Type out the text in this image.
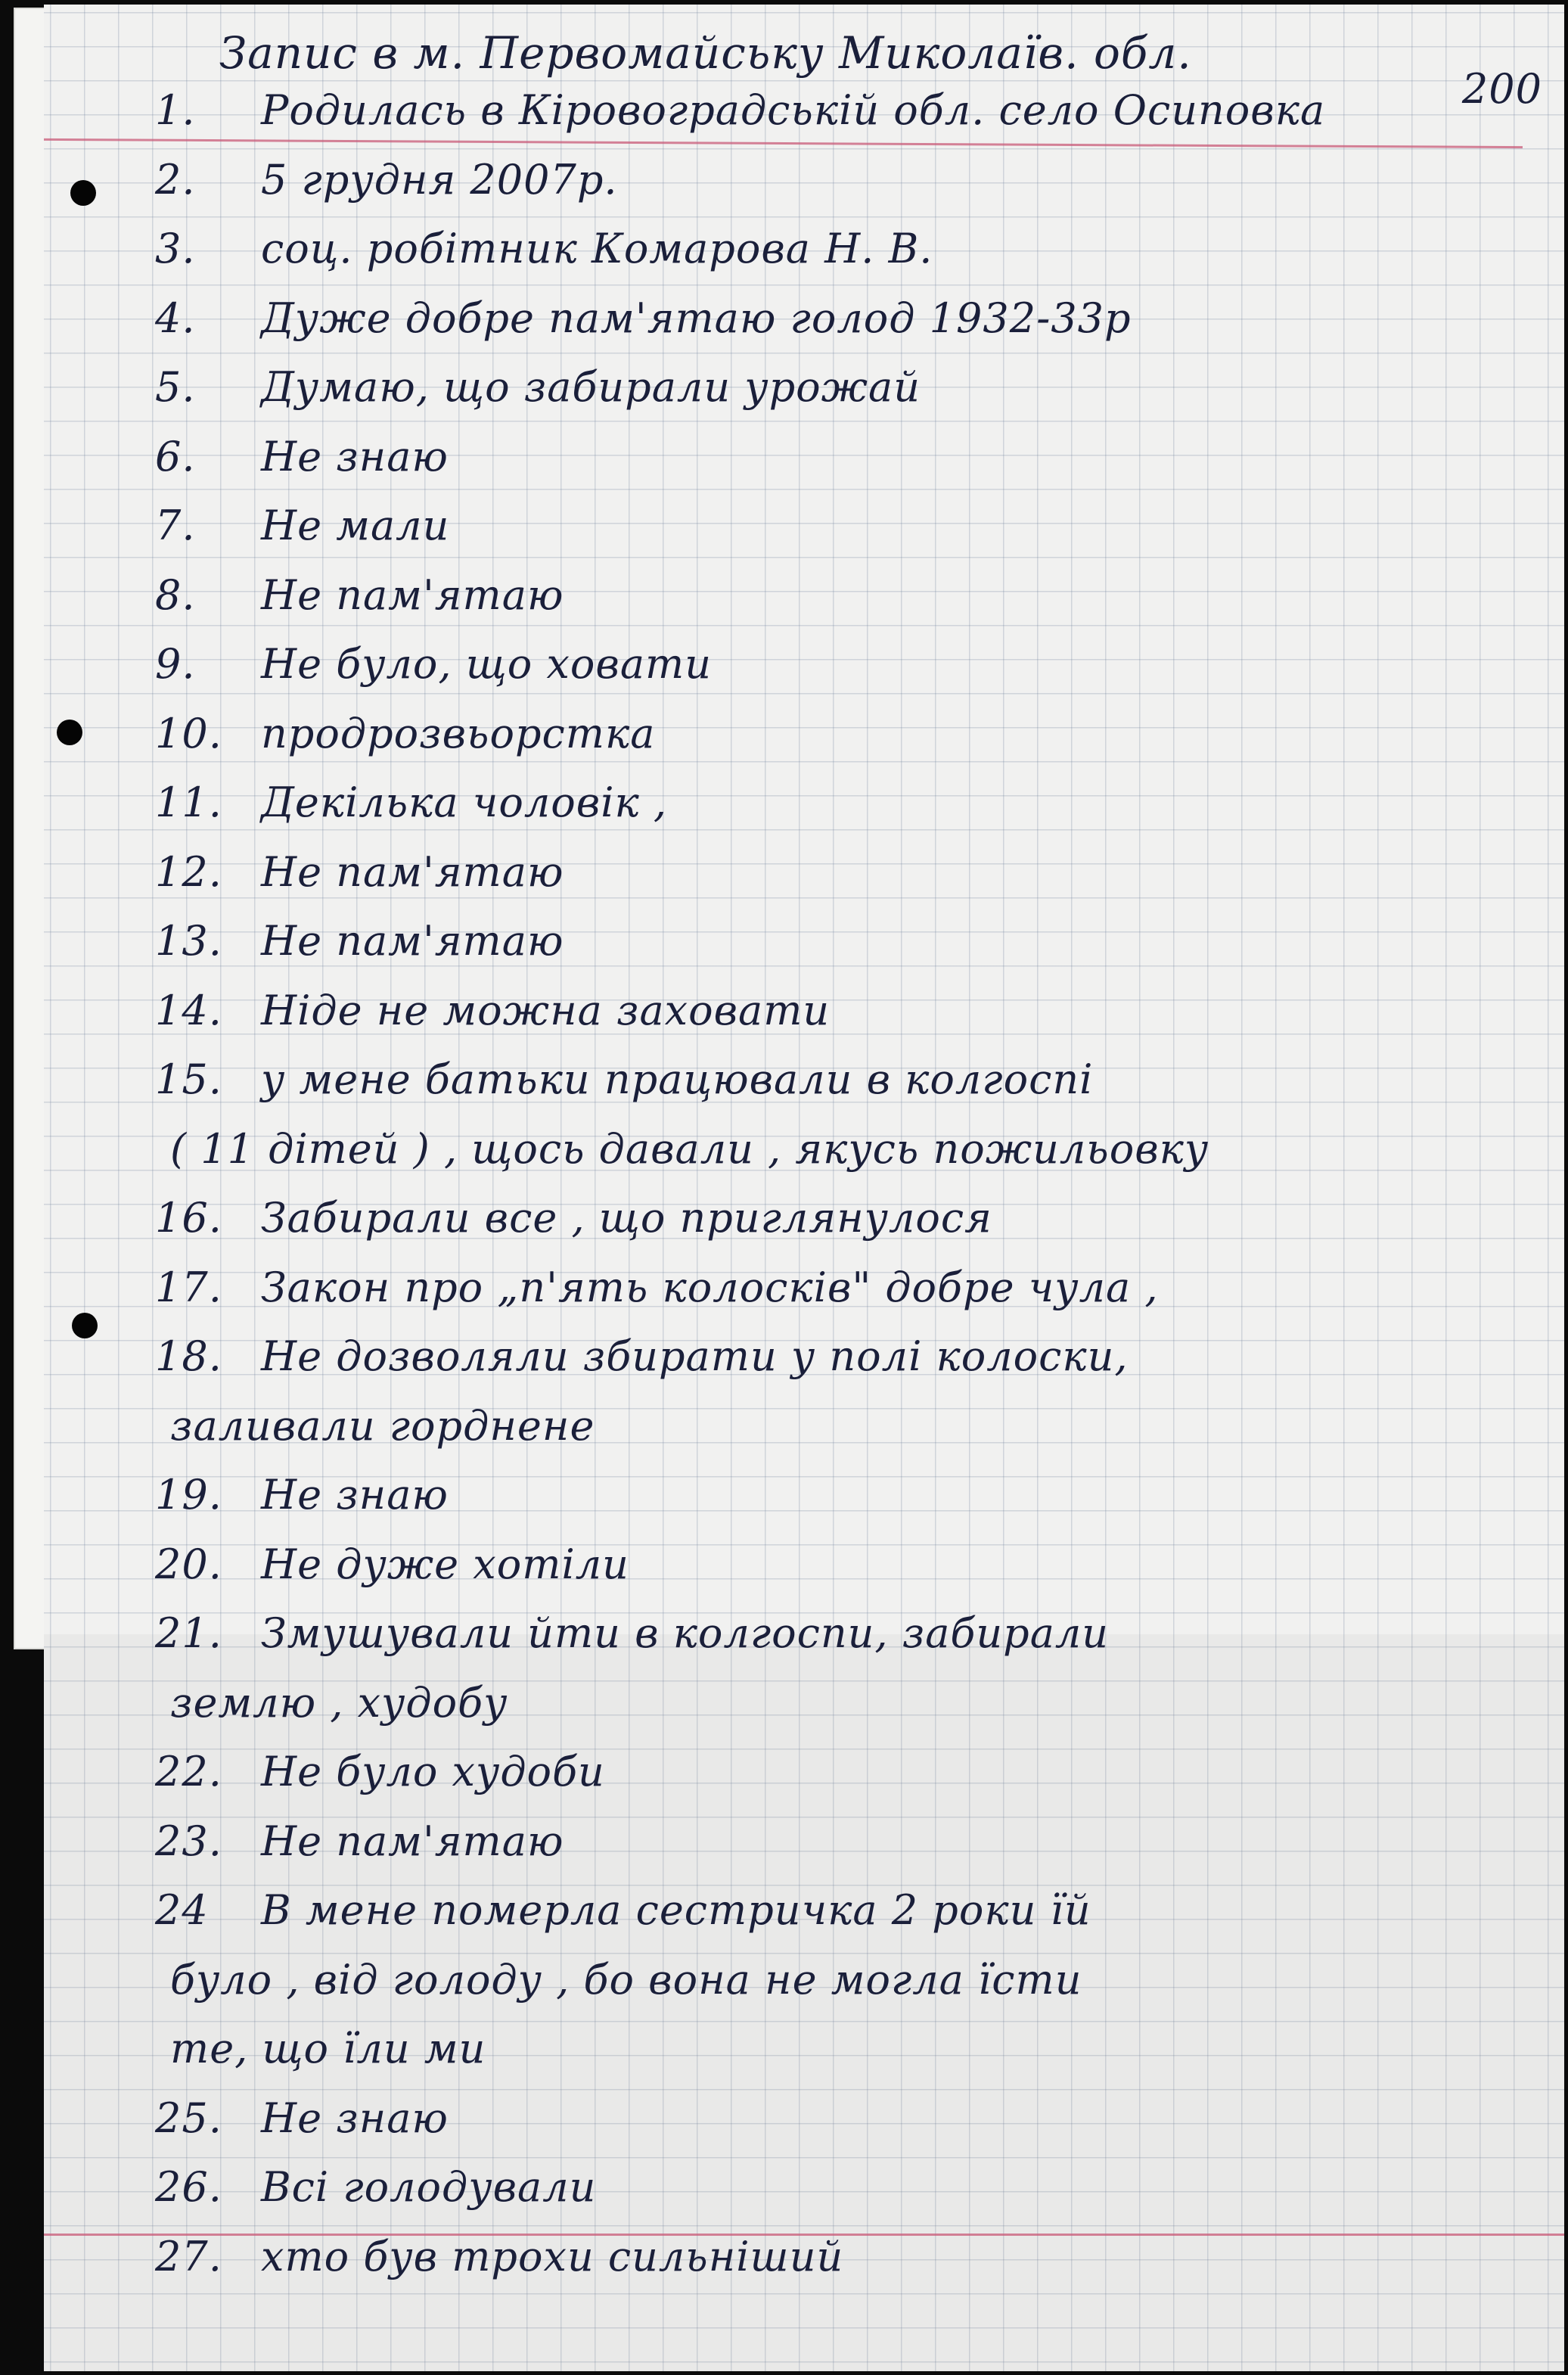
Запис в м. Первомайську Миколаїв. обл.
200
1.	Родилась в Кіровоградській обл. село Осиповка
2.	5 грудня 2007р.
3.	соц. робітник Комарова Н. В.
4.	Дуже добре пам'ятаю голод 1932-33р
5.	Думаю, що забирали урожай
6.	Не знаю
7.	Не мали
8.	Не пам'ятаю
9.	Не було, що ховати
10. продрозвьорстка
11. Декілька чоловік ,
12. Не пам'ятаю
13. Не пам'ятаю
14. Ніде не можна заховати
15. у мене батьки працювали в колгоспі
( 11 дітей ) , щось давали , якусь пожильовку
16. Забирали все , що приглянулося
17. Закон про „п'ять колосків" добре чула ,
18. Не дозволяли збирати у полі колоски,
заливали горднене
19. Не знаю
20. Не дуже хотіли
21. Змушували йти в колгоспи, забирали
землю , худобу
22. Не було худоби
23. Не пам'ятаю
24	В мене померла сестричка 2 роки їй
було , від голоду , бо вона не могла їсти
те, що їли ми
25. Не знаю
26. Всі голодували
27. хто був трохи сильніший
